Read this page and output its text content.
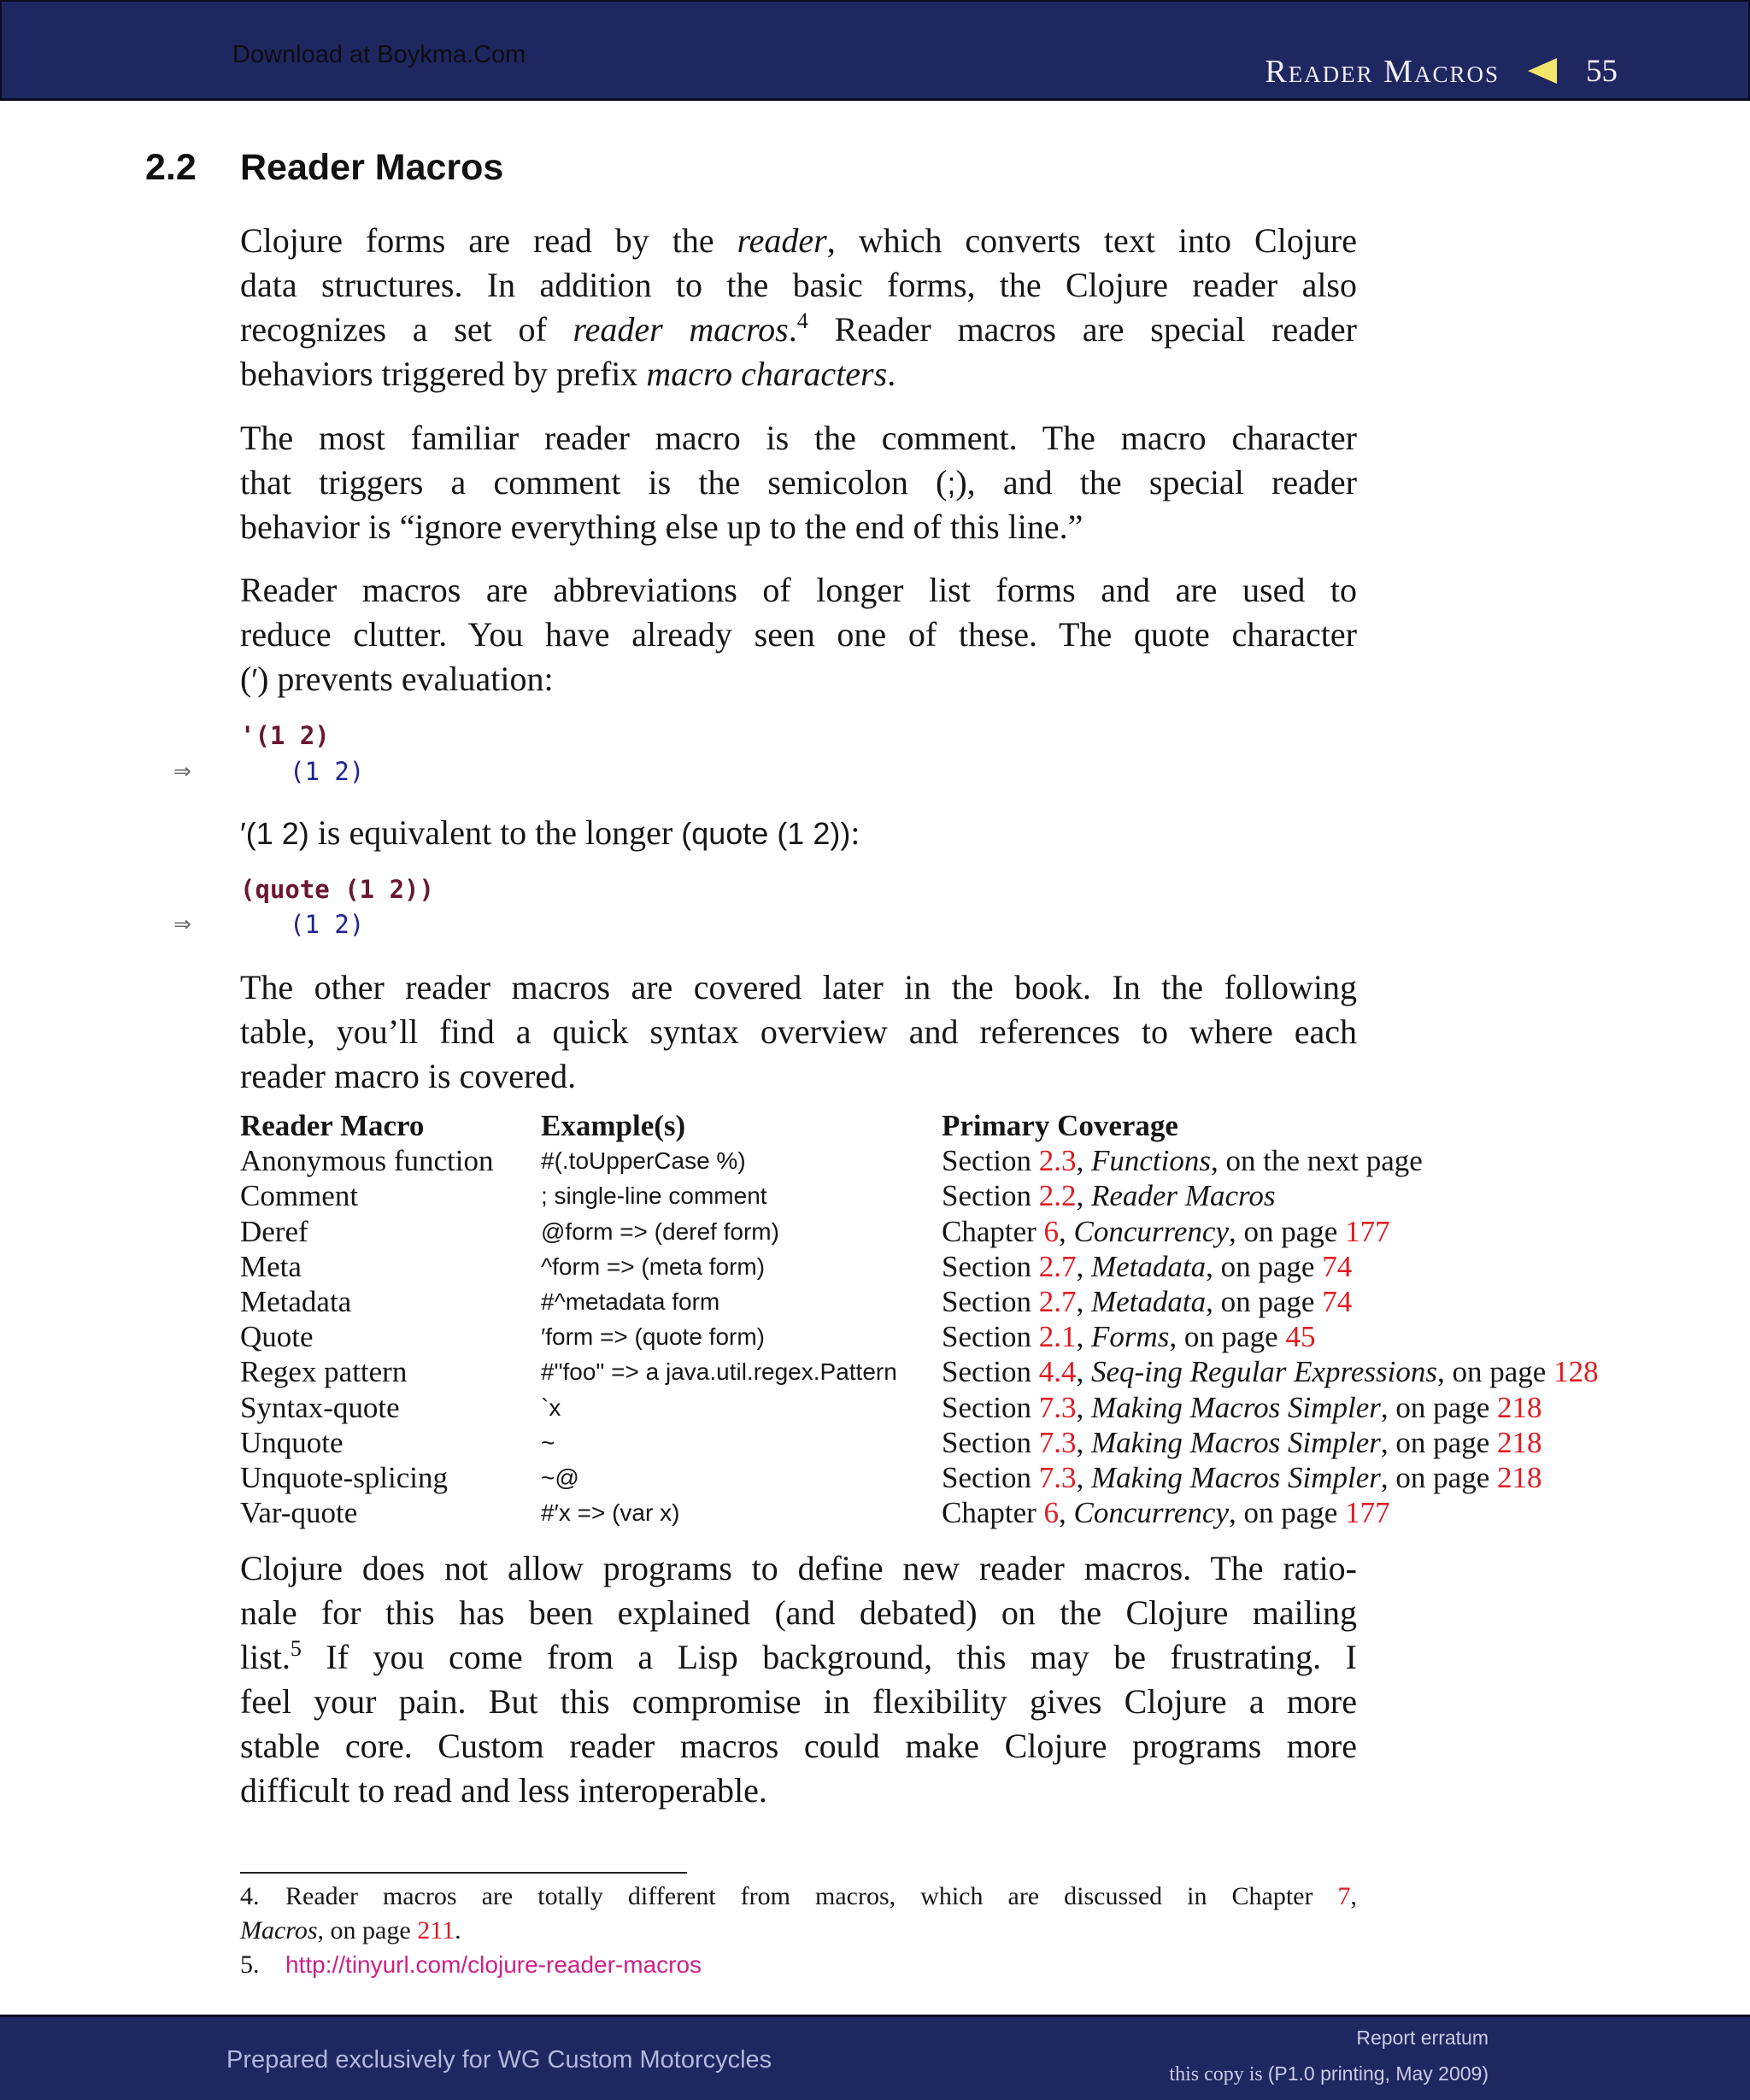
Download at Boykma.Com	Reader Macros	55
2.2 Reader Macros
Clojure forms are read by the reader, which converts text into Clojure
data structures. In addition to the basic forms, the Clojure reader also
recognizes a set of reader macros.$^4$ Reader macros are special reader
behaviors triggered by prefix macro characters.
The most familiar reader macro is the comment. The macro character
that triggers a comment is the semicolon (;), and the special reader
behavior is “ignore everything else up to the end of this line.”
Reader macros are abbreviations of longer list forms and are used to
reduce clutter. You have already seen one of these. The quote character
(′) prevents evaluation:
'(1 2)
⇒	(1 2)
′(1 2) is equivalent to the longer (quote (1 2)):
(quote (1 2))
⇒	(1 2)
The other reader macros are covered later in the book. In the following
table, you’ll find a quick syntax overview and references to where each
reader macro is covered.
Reader Macro	Example(s)	Primary Coverage
Anonymous function	#(.toUpperCase %)	Section 2.3, Functions, on the next page
Comment	; single-line comment	Section 2.2, Reader Macros
Deref	@form => (deref form)	Chapter 6, Concurrency, on page 177
Meta	^form => (meta form)	Section 2.7, Metadata, on page 74
Metadata	#^metadata form	Section 2.7, Metadata, on page 74
Quote	′form => (quote form)	Section 2.1, Forms, on page 45
Regex pattern	#"foo" => a java.util.regex.Pattern	Section 4.4, Seq-ing Regular Expressions, on page 128
Syntax-quote	`x	Section 7.3, Making Macros Simpler, on page 218
Unquote	~	Section 7.3, Making Macros Simpler, on page 218
Unquote-splicing	~@	Section 7.3, Making Macros Simpler, on page 218
Var-quote	#′x => (var x)	Chapter 6, Concurrency, on page 177
Clojure does not allow programs to define new reader macros. The ratio-
nale for this has been explained (and debated) on the Clojure mailing
list.$^5$ If you come from a Lisp background, this may be frustrating. I
feel your pain. But this compromise in flexibility gives Clojure a more
stable core. Custom reader macros could make Clojure programs more
difficult to read and less interoperable.
4. Reader macros are totally different from macros, which are discussed in Chapter 7,
Macros, on page 211.
5. http://tinyurl.com/clojure-reader-macros
Prepared exclusively for WG Custom Motorcycles
Report erratum
this copy is (P1.0 printing, May 2009)
